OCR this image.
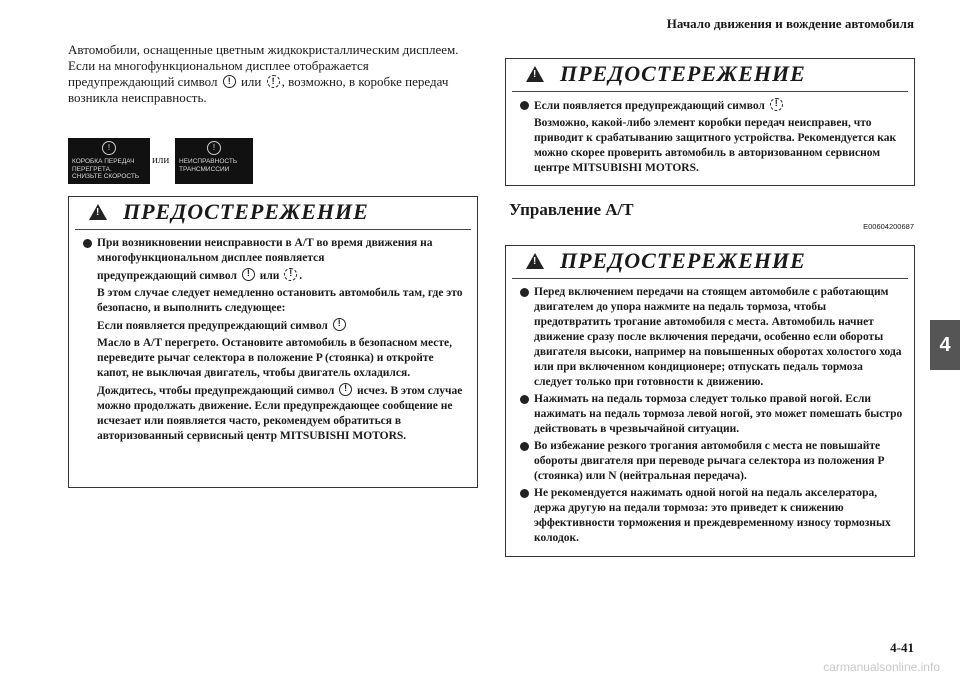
Начало движения и вождение автомобиля
Автомобили, оснащенные цветным жидкокристаллическим дисплеем.
Если на многофункциональном дисплее отображается предупреждающий символ ! или ! , возможно, в коробке передач возникла неисправность.
!
КОРОБКА ПЕРЕДАЧ
ПЕРЕГРЕТА.
СНИЗЬТЕ СКОРОСТЬ
или
!
НЕИСПРАВНОСТЬ
ТРАНСМИССИИ
!
ПРЕДОСТЕРЕЖЕНИЕ

При возникновении неисправности в A/T во время движения на многофункциональном дисплее появляется

предупреждающий символ ! или ! .

В этом случае следует немедленно остановить автомобиль там, где это безопасно, и выполнить следующее:

Если появляется предупреждающий символ !

Масло в A/T перегрето. Остановите автомобиль в безопасном месте, переведите рычаг селектора в положение P (стоянка) и откройте капот, не выключая двигатель, чтобы двигатель охладился.

Дождитесь, чтобы предупреждающий символ ! исчез. В этом случае можно продолжать движение. Если предупреждающее сообщение не исчезает или появляется часто, рекомендуем обратиться в авторизованный сервисный центр MITSUBISHI MOTORS.

!
ПРЕДОСТЕРЕЖЕНИЕ

Если появляется предупреждающий символ !

Возможно, какой-либо элемент коробки передач неисправен, что приводит к срабатыванию защитного устройства. Рекомендуется как можно скорее проверить автомобиль в авторизованном сервисном центре MITSUBISHI MOTORS.

Управление A/T
E00604200687
!
ПРЕДОСТЕРЕЖЕНИЕ

Перед включением передачи на стоящем автомобиле с работающим двигателем до упора нажмите на педаль тормоза, чтобы предотвратить трогание автомобиля с места. Автомобиль начнет движение сразу после включения передачи, особенно если обороты двигателя высоки, например на повышенных оборотах холостого хода или при включенном кондиционере; отпускать педаль тормоза следует только при готовности к движению.

Нажимать на педаль тормоза следует только правой ногой. Если нажимать на педаль тормоза левой ногой, это может помешать быстро действовать в чрезвычайной ситуации.

Во избежание резкого трогания автомобиля с места не повышайте обороты двигателя при переводе рычага селектора из положения P (стоянка) или N (нейтральная передача).

Не рекомендуется нажимать одной ногой на педаль акселератора, держа другую на педали тормоза: это приведет к снижению эффективности торможения и преждевременному износу тормозных колодок.

4
4-41
carmanualsonline.info
